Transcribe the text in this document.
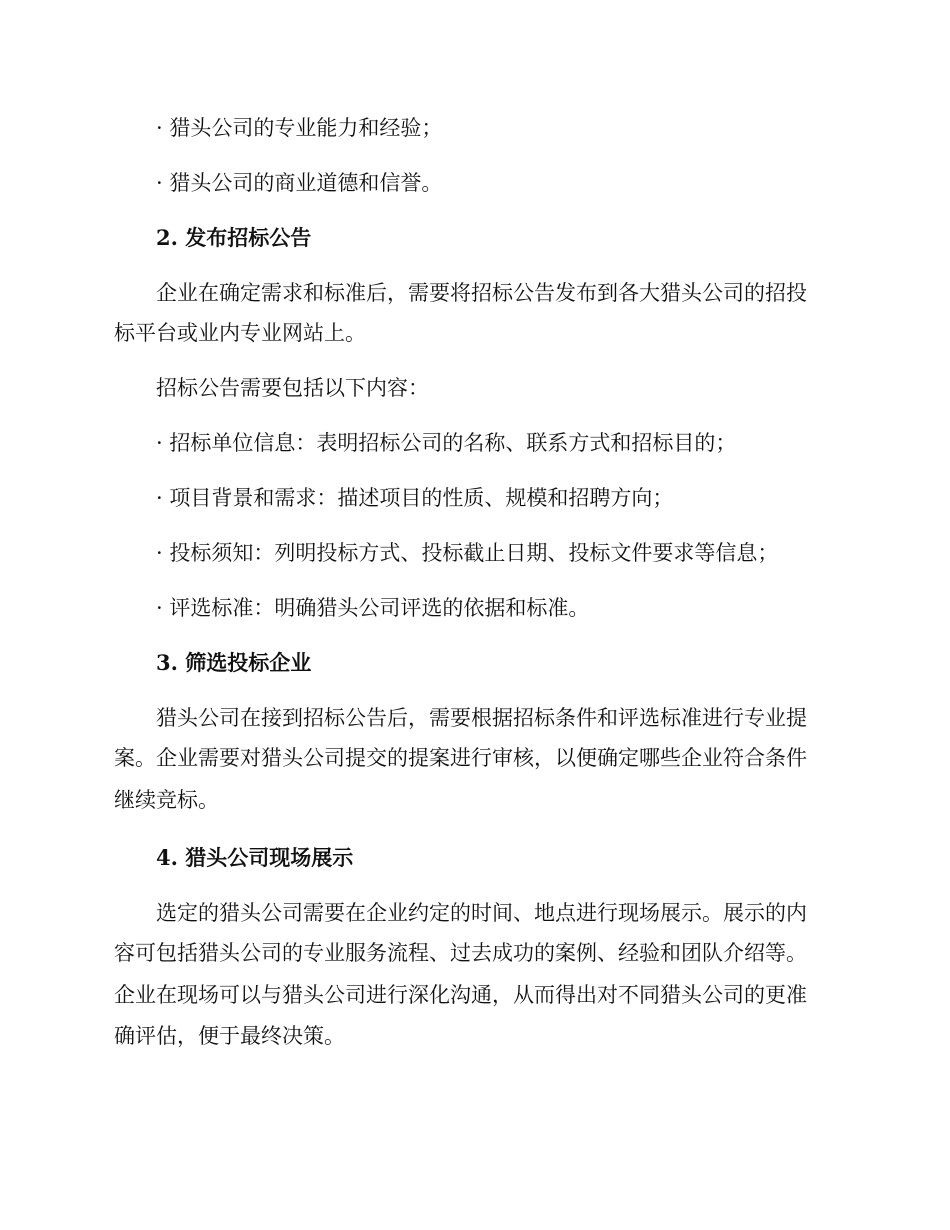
· 猎头公司的专业能力和经验；
· 猎头公司的商业道德和信誉。
2. 发布招标公告
企业在确定需求和标准后，需要将招标公告发布到各大猎头公司的招投
标平台或业内专业网站上。
招标公告需要包括以下内容：
· 招标单位信息：表明招标公司的名称、联系方式和招标目的；
· 项目背景和需求：描述项目的性质、规模和招聘方向；
· 投标须知：列明投标方式、投标截止日期、投标文件要求等信息；
· 评选标准：明确猎头公司评选的依据和标准。
3. 筛选投标企业
猎头公司在接到招标公告后，需要根据招标条件和评选标准进行专业提
案。企业需要对猎头公司提交的提案进行审核，以便确定哪些企业符合条件
继续竞标。
4. 猎头公司现场展示
选定的猎头公司需要在企业约定的时间、地点进行现场展示。展示的内
容可包括猎头公司的专业服务流程、过去成功的案例、经验和团队介绍等。
企业在现场可以与猎头公司进行深化沟通，从而得出对不同猎头公司的更准
确评估，便于最终决策。
